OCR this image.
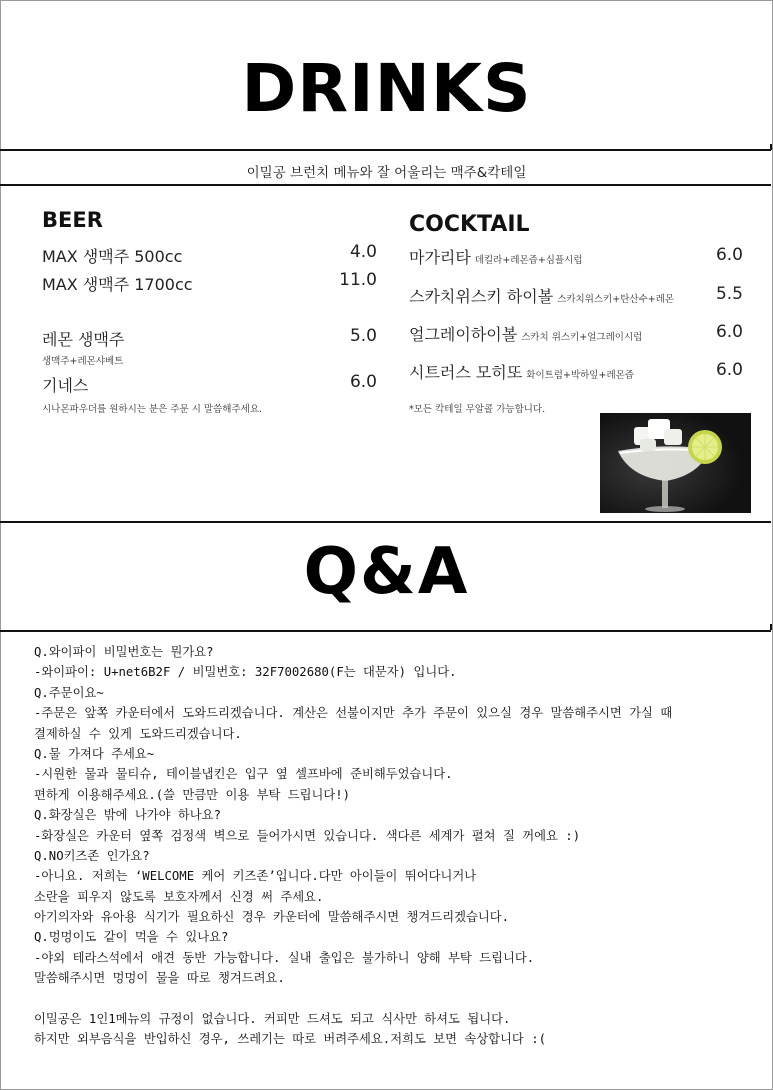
DRINKS
이밀공 브런치 메뉴와 잘 어울리는 맥주&칵테일
BEER
MAX 생맥주 500cc	4.0
MAX 생맥주 1700cc	11.0
레몬 생맥주	5.0
생맥주+레몬샤베트
기네스	6.0
시나몬파우더를 원하시는 분은 주문 시 말씀해주세요.
COCKTAIL
마가리타 데킬라+레몬즙+심플시럽	6.0
스카치위스키 하이볼 스카치위스키+탄산수+레몬	5.5
얼그레이하이볼 스카치 위스키+얼그레이시럽	6.0
시트러스 모히또 화이트럼+박하잎+레몬즙	6.0
*모든 칵테일 무알콜 가능합니다.
Q&A
Q.와이파이 비밀번호는 뭔가요?
-와이파이: U+net6B2F / 비밀번호: 32F7002680(F는 대문자) 입니다.
Q.주문이요~
-주문은 앞쪽 카운터에서 도와드리겠습니다. 계산은 선불이지만 추가 주문이 있으실 경우 말씀해주시면 가실 때
결제하실 수 있게 도와드리겠습니다.
Q.물 가져다 주세요~
-시원한 물과 물티슈, 테이블냅킨은 입구 옆 셀프바에 준비해두었습니다.
편하게 이용해주세요.(쓸 만큼만 이용 부탁 드립니다!)
Q.화장실은 밖에 나가야 하나요?
-화장실은 카운터 옆쪽 검정색 벽으로 들어가시면 있습니다. 색다른 세계가 펼쳐 질 꺼에요 :)
Q.NO키즈존 인가요?
-아니요. 저희는 ‘WELCOME 케어 키즈존’입니다.다만 아이들이 뛰어다니거나
소란을 피우지 않도록 보호자께서 신경 써 주세요.
아기의자와 유아용 식기가 필요하신 경우 카운터에 말씀해주시면 챙겨드리겠습니다.
Q.멍멍이도 같이 먹을 수 있나요?
-야외 테라스석에서 애견 동반 가능합니다. 실내 출입은 불가하니 양해 부탁 드립니다.
말씀해주시면 멍멍이 물을 따로 챙겨드려요.
이밀공은 1인1메뉴의 규정이 없습니다. 커피만 드셔도 되고 식사만 하셔도 됩니다.
하지만 외부음식을 반입하신 경우, 쓰레기는 따로 버려주세요.저희도 보면 속상합니다 :(
